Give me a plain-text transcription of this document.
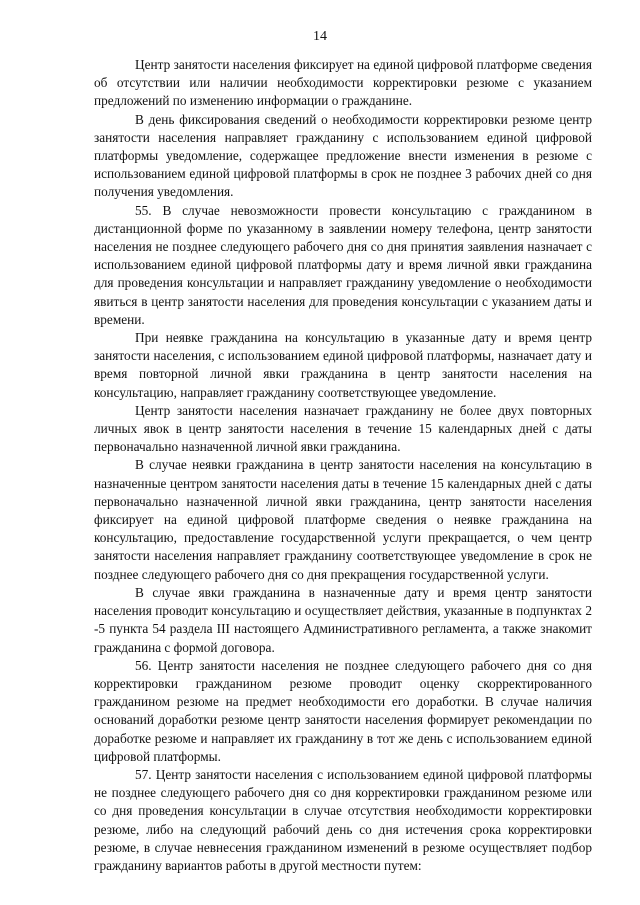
14

Центр занятости населения фиксирует на единой цифровой платформе сведения об отсутствии или наличии необходимости корректировки резюме с указанием предложений по изменению информации о гражданине.

В день фиксирования сведений о необходимости корректировки резюме центр занятости населения направляет гражданину с использованием единой цифровой платформы уведомление, содержащее предложение внести изменения в резюме с использованием единой цифровой платформы в срок не позднее 3 рабочих дней со дня получения уведомления.

55. В случае невозможности провести консультацию с гражданином в дистанционной форме по указанному в заявлении номеру телефона, центр занятости населения не позднее следующего рабочего дня со дня принятия заявления назначает с использованием единой цифровой платформы дату и время личной явки гражданина для проведения консультации и направляет гражданину уведомление о необходимости явиться в центр занятости населения для проведения консультации с указанием даты и времени.

При неявке гражданина на консультацию в указанные дату и время центр занятости населения, с использованием единой цифровой платформы, назначает дату и время повторной личной явки гражданина в центр занятости населения на консультацию, направляет гражданину соответствующее уведомление.

Центр занятости населения назначает гражданину не более двух повторных личных явок в центр занятости населения в течение 15 календарных дней с даты первоначально назначенной личной явки гражданина.

В случае неявки гражданина в центр занятости населения на консультацию в назначенные центром занятости населения даты в течение 15 календарных дней с даты первоначально назначенной личной явки гражданина, центр занятости населения фиксирует на единой цифровой платформе сведения о неявке гражданина на консультацию, предоставление государственной услуги прекращается, о чем центр занятости населения направляет гражданину соответствующее уведомление в срок не позднее следующего рабочего дня со дня прекращения государственной услуги.

В случае явки гражданина в назначенные дату и время центр занятости населения проводит консультацию и осуществляет действия, указанные в подпунктах 2 -5 пункта 54 раздела III настоящего Административного регламента, а также знакомит гражданина с формой договора.

56. Центр занятости населения не позднее следующего рабочего дня со дня корректировки гражданином резюме проводит оценку скорректированного гражданином резюме на предмет необходимости его доработки. В случае наличия оснований доработки резюме центр занятости населения формирует рекомендации по доработке резюме и направляет их гражданину в тот же день с использованием единой цифровой платформы.

57. Центр занятости населения с использованием единой цифровой платформы не позднее следующего рабочего дня со дня корректировки гражданином резюме или со дня проведения консультации в случае отсутствия необходимости корректировки резюме, либо на следующий рабочий день со дня истечения срока корректировки резюме, в случае невнесения гражданином изменений в резюме осуществляет подбор гражданину вариантов работы в другой местности путем:
